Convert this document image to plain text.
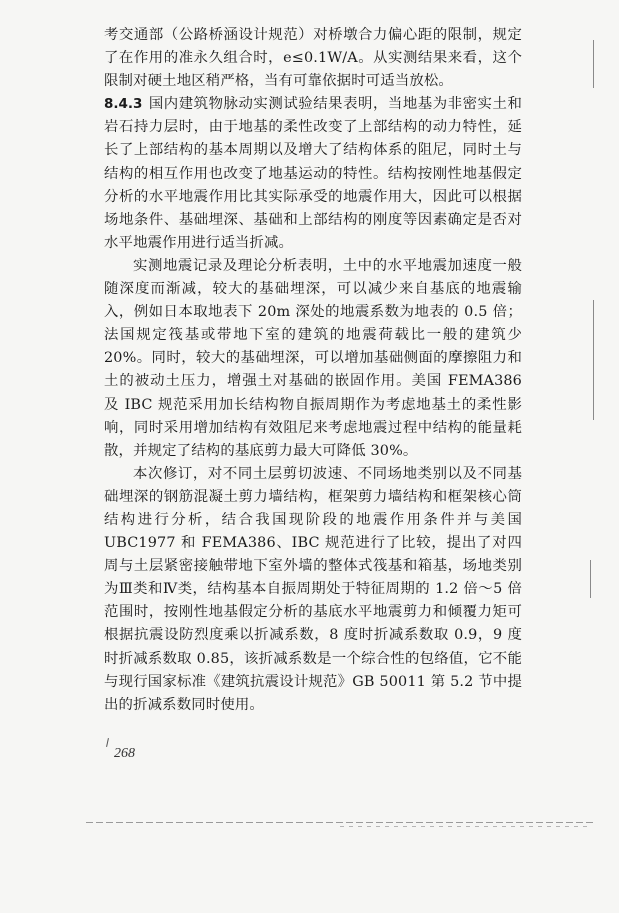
考交通部（公路桥涵设计规范）对桥墩合力偏心距的限制，规定了在作用的准永久组合时，e≤0.1W/A。从实测结果来看，这个限制对硬土地区稍严格，当有可靠依据时可适当放松。

8.4.3 国内建筑物脉动实测试验结果表明，当地基为非密实土和岩石持力层时，由于地基的柔性改变了上部结构的动力特性，延长了上部结构的基本周期以及增大了结构体系的阻尼，同时土与结构的相互作用也改变了地基运动的特性。结构按刚性地基假定分析的水平地震作用比其实际承受的地震作用大，因此可以根据场地条件、基础埋深、基础和上部结构的刚度等因素确定是否对水平地震作用进行适当折减。

实测地震记录及理论分析表明，土中的水平地震加速度一般随深度而渐减，较大的基础埋深，可以减少来自基底的地震输入，例如日本取地表下 20m 深处的地震系数为地表的 0.5 倍；法国规定筏基或带地下室的建筑的地震荷载比一般的建筑少 20%。同时，较大的基础埋深，可以增加基础侧面的摩擦阻力和土的被动土压力，增强土对基础的嵌固作用。美国 FEMA386 及 IBC 规范采用加长结构物自振周期作为考虑地基土的柔性影响，同时采用增加结构有效阻尼来考虑地震过程中结构的能量耗散，并规定了结构的基底剪力最大可降低 30%。

本次修订，对不同土层剪切波速、不同场地类别以及不同基础埋深的钢筋混凝土剪力墙结构，框架剪力墙结构和框架核心筒结构进行分析，结合我国现阶段的地震作用条件并与美国 UBC1977 和 FEMA386、IBC 规范进行了比较，提出了对四周与土层紧密接触带地下室外墙的整体式筏基和箱基，场地类别为Ⅲ类和Ⅳ类，结构基本自振周期处于特征周期的 1.2 倍～5 倍范围时，按刚性地基假定分析的基底水平地震剪力和倾覆力矩可根据抗震设防烈度乘以折减系数，8 度时折减系数取 0.9，9 度时折减系数取 0.85，该折减系数是一个综合性的包络值，它不能与现行国家标准《建筑抗震设计规范》GB 50011 第 5.2 节中提出的折减系数同时使用。

268
